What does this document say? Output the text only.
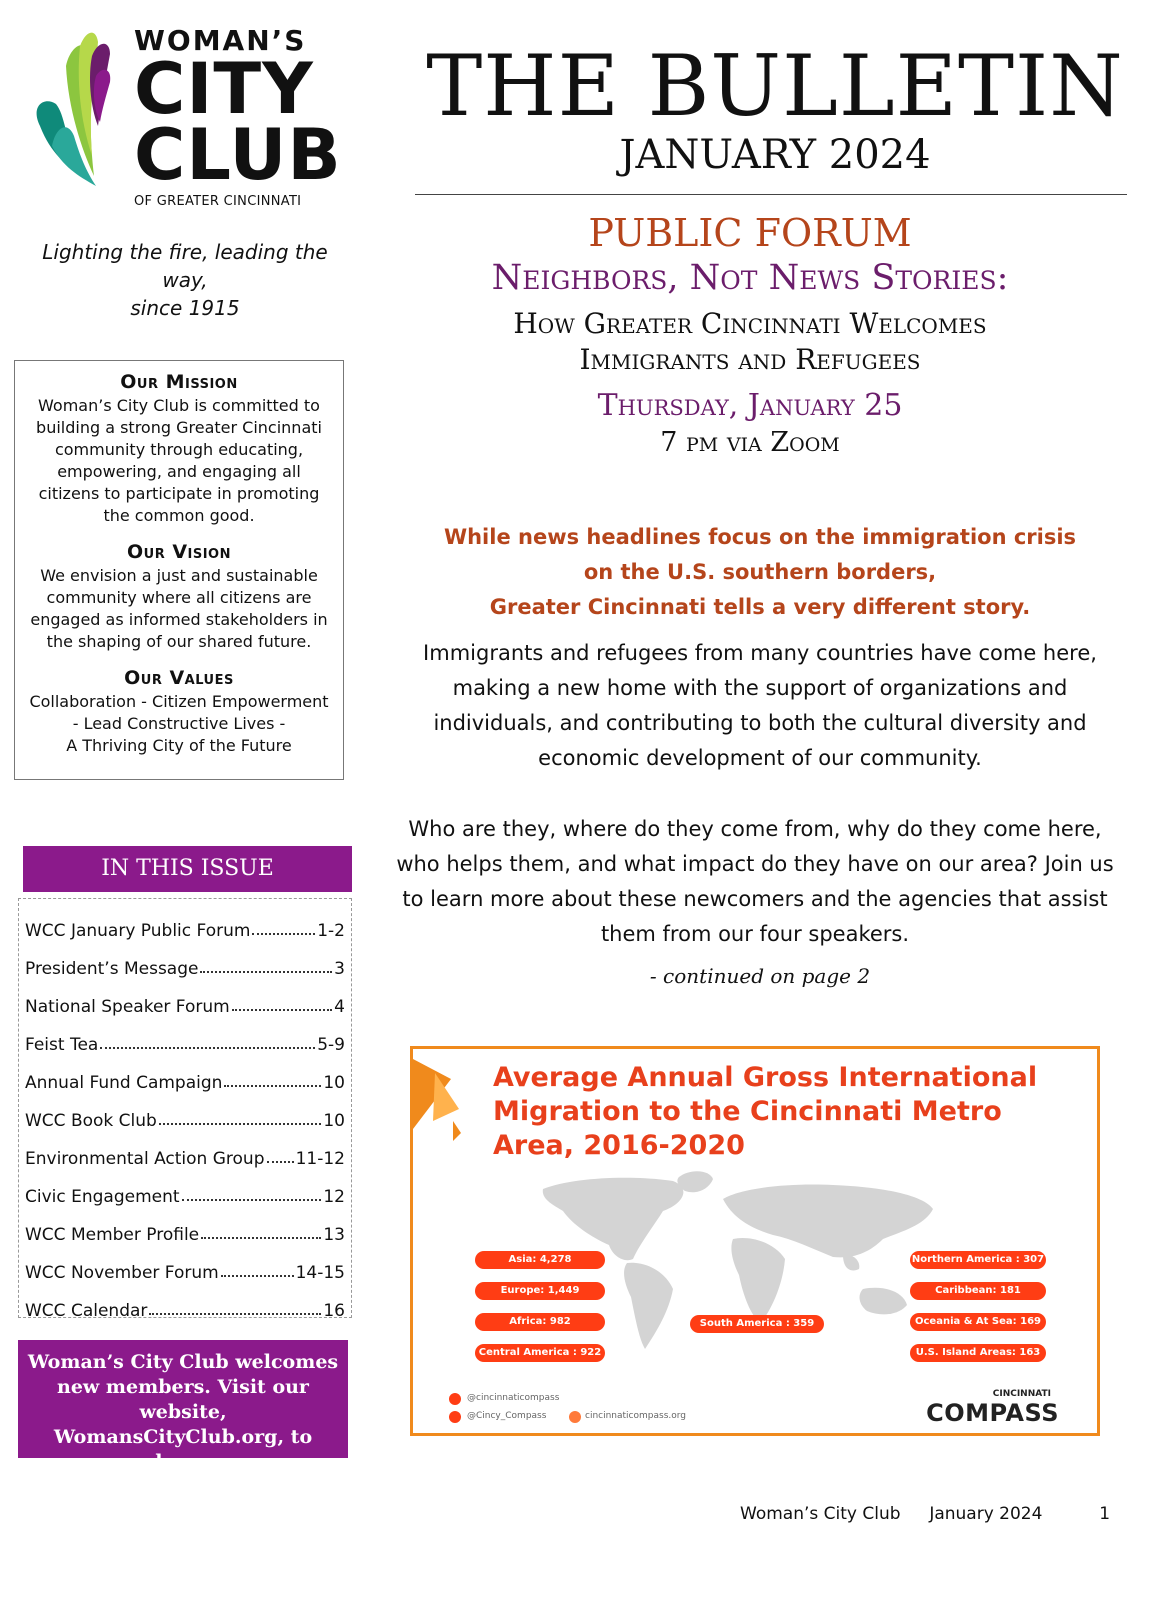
WOMAN’S
CITY
CLUB
OF GREATER CINCINNATI
Lighting the fire, leading the way,
since 1915
Our Mission

Woman’s City Club is committed to building a strong Greater Cincinnati community through educating, empowering, and engaging all citizens to participate in promoting the common good.

Our Vision

We envision a just and sustainable community where all citizens are engaged as informed stakeholders in the shaping of our shared future.

Our Values

Collaboration - Citizen Empowerment
- Lead Constructive Lives -
A Thriving City of the Future

IN THIS ISSUE
WCC January Public Forum	1-2
President’s Message	3
National Speaker Forum	4
Feist Tea	5-9
Annual Fund Campaign	10
WCC Book Club	10
Environmental Action Group 11-12
Civic Engagement	12
WCC Member Profile	13
WCC November Forum	14-15
WCC Calendar	16
Woman’s City Club welcomes
new members. Visit our website,
WomansCityClub.org, to learn
more about us and how to join.
THE BULLETIN
JANUARY 2024
PUBLIC FORUM
Neighbors, Not News Stories:
How Greater Cincinnati Welcomes
Immigrants and Refugees
Thursday, January 25
7 pm via Zoom
While news headlines focus on the immigration crisis
on the U.S. southern borders,
Greater Cincinnati tells a very different story.
Immigrants and refugees from many countries have come here, making a new home with the support of organizations and individuals, and contributing to both the cultural diversity and economic development of our community.
Who are they, where do they come from, why do they come here, who helps them, and what impact do they have on our area? Join us to learn more about these newcomers and the agencies that assist them from our four speakers.
- continued on page 2
Average Annual Gross International
Migration to the Cincinnati Metro
Area, 2016-2020
Asia: 4,278
Europe: 1,449
Africa: 982
Central America : 922
South America : 359
Northern America : 307
Caribbean: 181
Oceania & At Sea: 169
U.S. Island Areas: 163
@cincinnaticompass
@Cincy_Compass	cincinnaticompass.org
CINCINNATI
COMPASS
Woman’s City Club January 2024	1
